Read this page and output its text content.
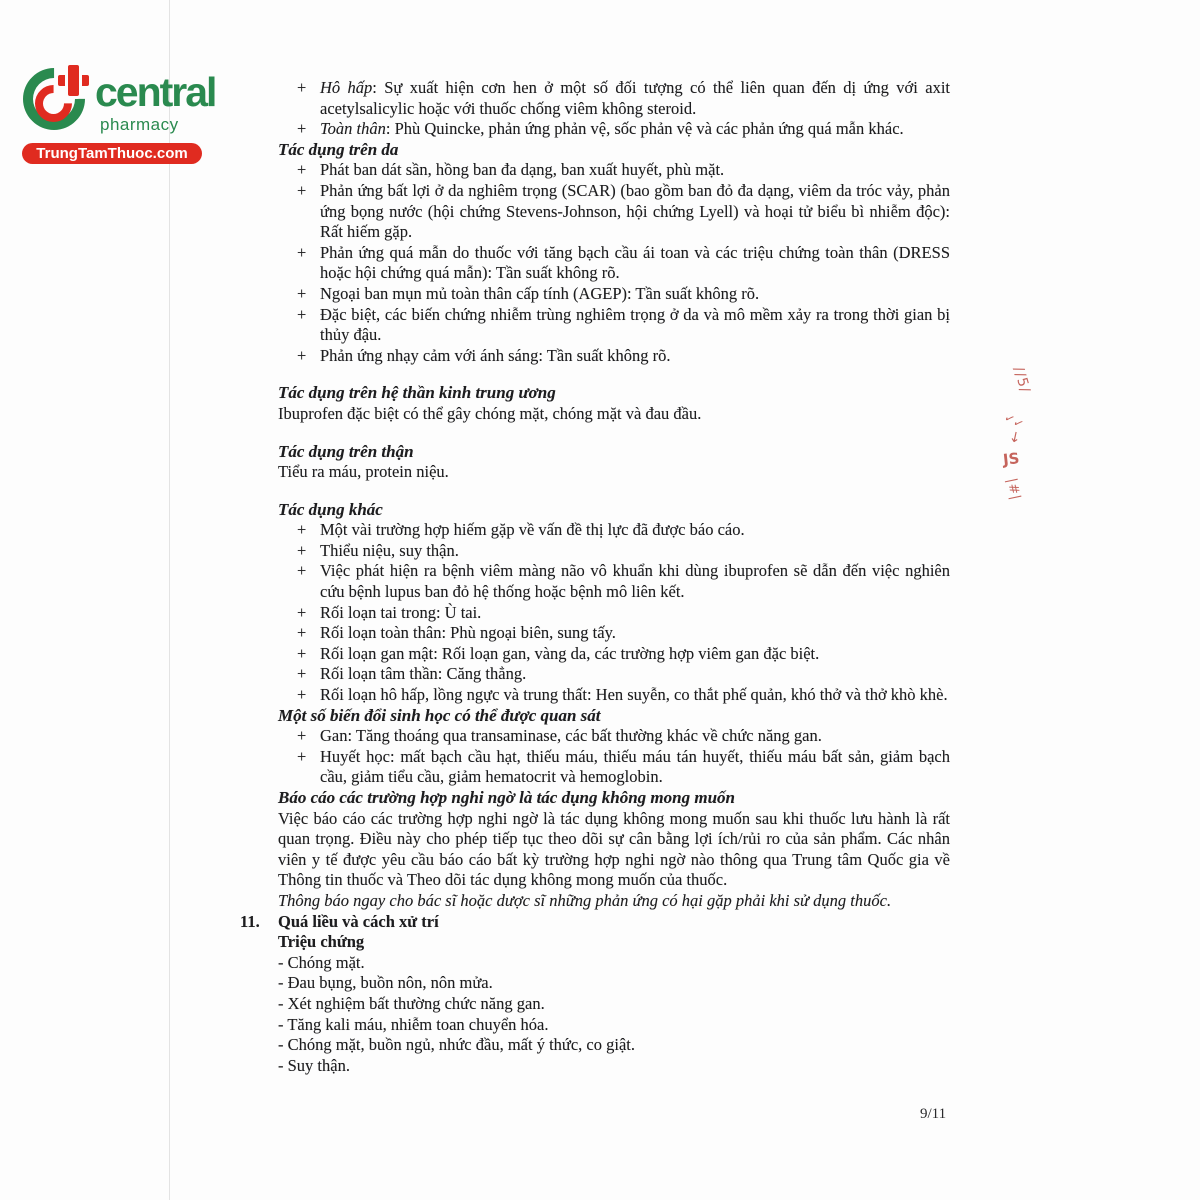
central
pharmacy
TrungTamThuoc.com
+ Hô hấp: Sự xuất hiện cơn hen ở một số đối tượng có thể liên quan đến dị ứng với axit acetylsalicylic hoặc với thuốc chống viêm không steroid.
+ Toàn thân: Phù Quincke, phản ứng phản vệ, sốc phản vệ và các phản ứng quá mẫn khác.
Tác dụng trên da
+ Phát ban dát sần, hồng ban đa dạng, ban xuất huyết, phù mặt.
+ Phản ứng bất lợi ở da nghiêm trọng (SCAR) (bao gồm ban đỏ đa dạng, viêm da tróc vảy, phản ứng bọng nước (hội chứng Stevens-Johnson, hội chứng Lyell) và hoại tử biểu bì nhiễm độc): Rất hiếm gặp.
+ Phản ứng quá mẫn do thuốc với tăng bạch cầu ái toan và các triệu chứng toàn thân (DRESS hoặc hội chứng quá mẫn): Tần suất không rõ.
+ Ngoại ban mụn mủ toàn thân cấp tính (AGEP): Tần suất không rõ.
+ Đặc biệt, các biến chứng nhiễm trùng nghiêm trọng ở da và mô mềm xảy ra trong thời gian bị thủy đậu.
+ Phản ứng nhạy cảm với ánh sáng: Tần suất không rõ.
Tác dụng trên hệ thần kinh trung ương
Ibuprofen đặc biệt có thể gây chóng mặt, chóng mặt và đau đầu.
Tác dụng trên thận
Tiểu ra máu, protein niệu.
Tác dụng khác
+ Một vài trường hợp hiếm gặp về vấn đề thị lực đã được báo cáo.
+ Thiểu niệu, suy thận.
+ Việc phát hiện ra bệnh viêm màng não vô khuẩn khi dùng ibuprofen sẽ dẫn đến việc nghiên cứu bệnh lupus ban đỏ hệ thống hoặc bệnh mô liên kết.
+ Rối loạn tai trong: Ù tai.
+ Rối loạn toàn thân: Phù ngoại biên, sung tấy.
+ Rối loạn gan mật: Rối loạn gan, vàng da, các trường hợp viêm gan đặc biệt.
+ Rối loạn tâm thần: Căng thẳng.
+ Rối loạn hô hấp, lồng ngực và trung thất: Hen suyễn, co thắt phế quản, khó thở và thở khò khè.
Một số biến đổi sinh học có thể được quan sát
+ Gan: Tăng thoáng qua transaminase, các bất thường khác về chức năng gan.
+ Huyết học: mất bạch cầu hạt, thiếu máu, thiếu máu tán huyết, thiếu máu bất sản, giảm bạch cầu, giảm tiểu cầu, giảm hematocrit và hemoglobin.
Báo cáo các trường hợp nghi ngờ là tác dụng không mong muốn
Việc báo cáo các trường hợp nghi ngờ là tác dụng không mong muốn sau khi thuốc lưu hành là rất quan trọng. Điều này cho phép tiếp tục theo dõi sự cân bằng lợi ích/rủi ro của sản phẩm. Các nhân viên y tế được yêu cầu báo cáo bất kỳ trường hợp nghi ngờ nào thông qua Trung tâm Quốc gia về Thông tin thuốc và Theo dõi tác dụng không mong muốn của thuốc.
Thông báo ngay cho bác sĩ hoặc dược sĩ những phản ứng có hại gặp phải khi sử dụng thuốc.
11. Quá liều và cách xử trí
Triệu chứng
- Chóng mặt.
- Đau bụng, buồn nôn, nôn mửa.
- Xét nghiệm bất thường chức năng gan.
- Tăng kali máu, nhiễm toan chuyển hóa.
- Chóng mặt, buồn ngủ, nhức đầu, mất ý thức, co giật.
- Suy thận.
//5/
✓✓
↓
JS
|#|
9/11
